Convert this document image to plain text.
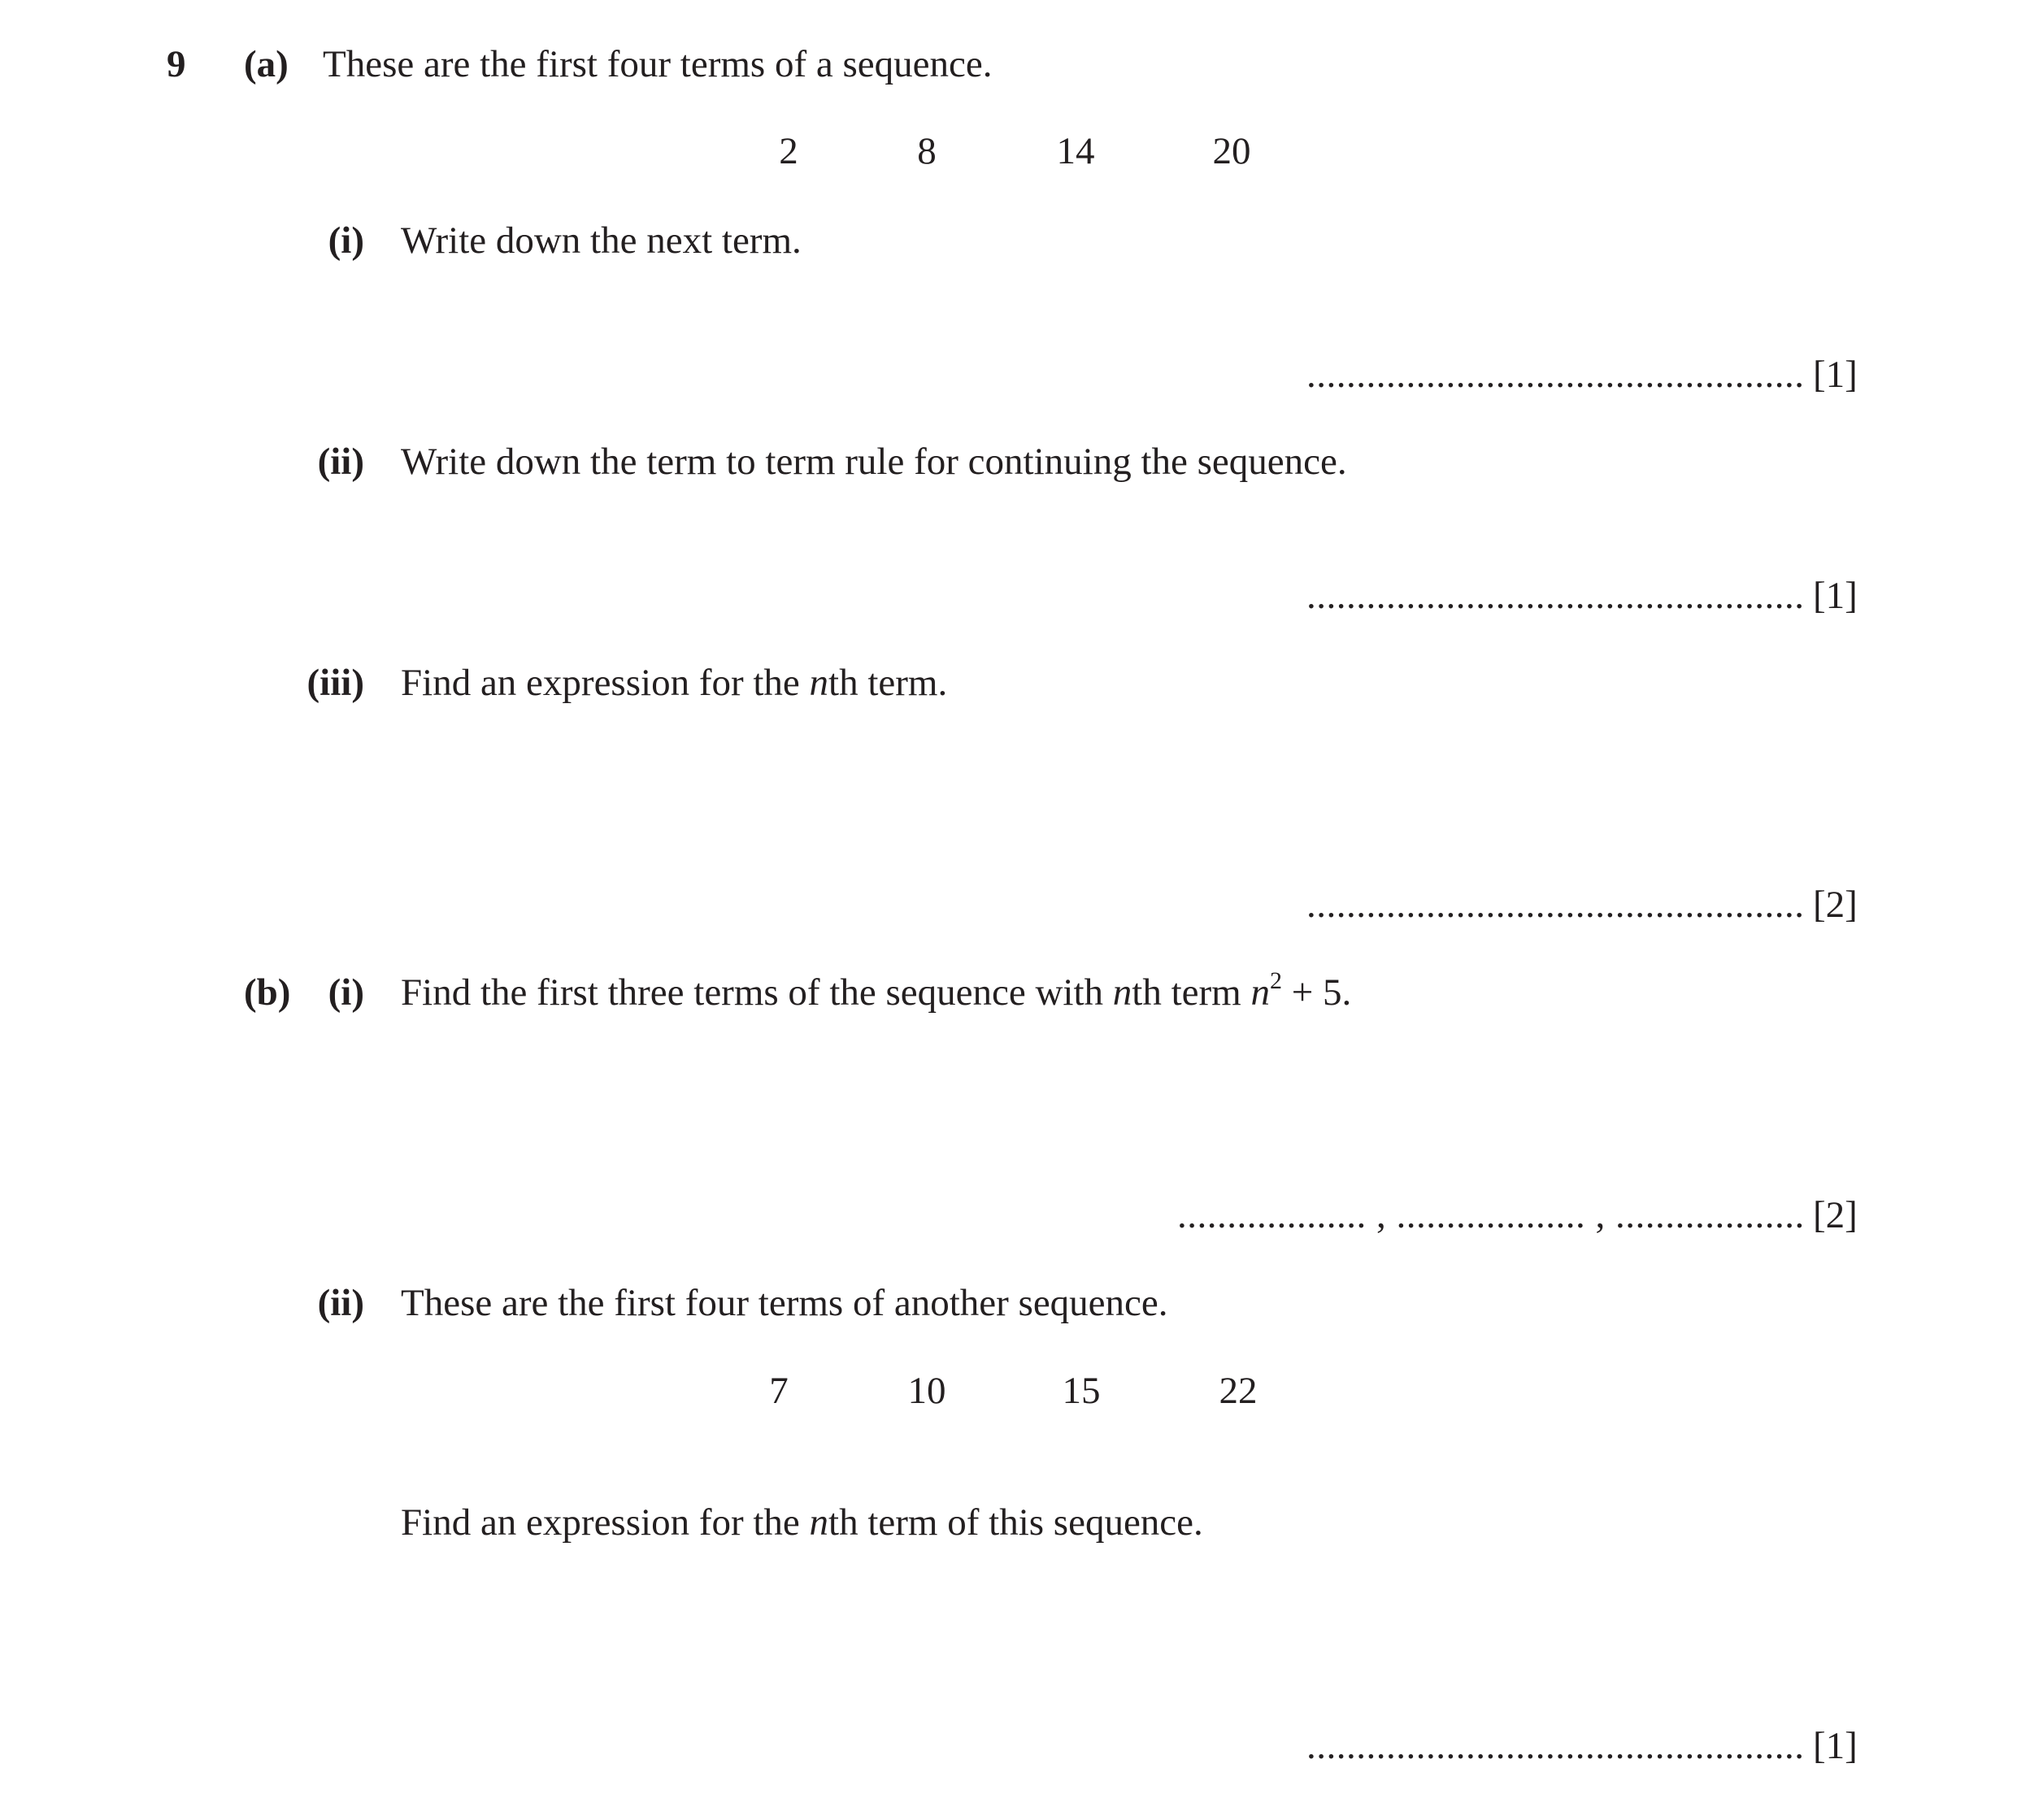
9 (a) These are the first four terms of a sequence.
2	8	14	20
(i) Write down the next term.
.................................................. [1]
(ii) Write down the term to term rule for continuing the sequence.
.................................................. [1]
(iii) Find an expression for the nth term.
.................................................. [2]
(b) (i) Find the first three terms of the sequence with nth term $n^2 + 5$.
................... , ................... , ................... [2]
(ii) These are the first four terms of another sequence.
7	10	15	22
Find an expression for the nth term of this sequence.
.................................................. [1]
